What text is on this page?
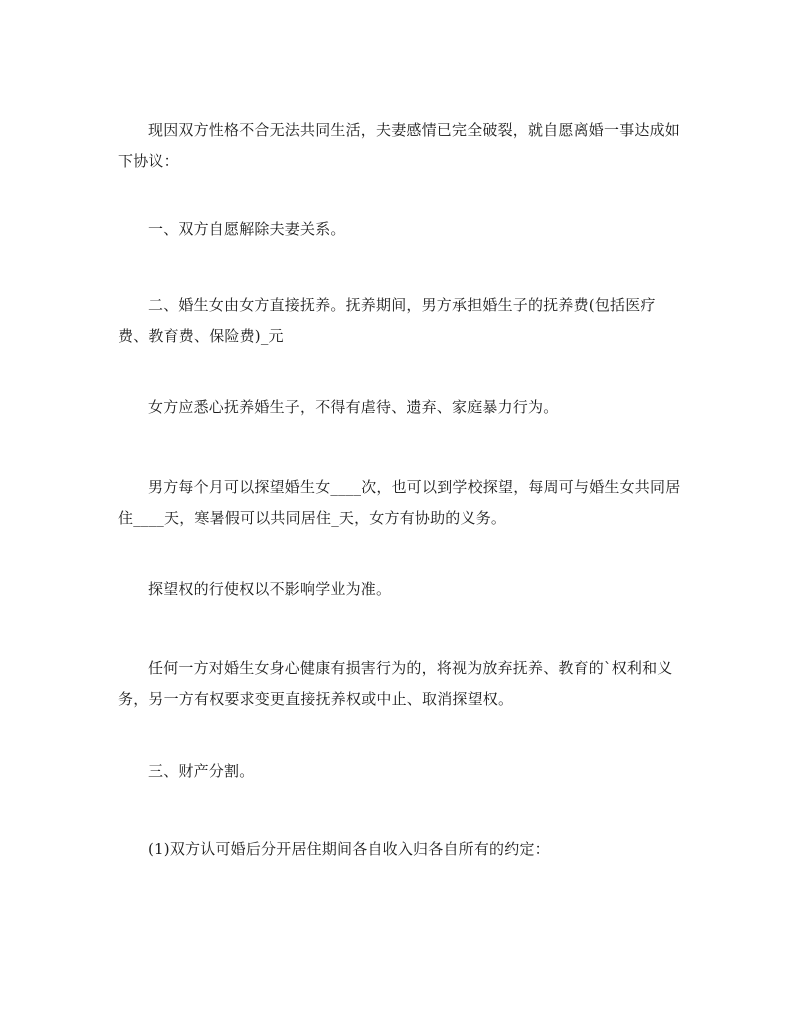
现因双方性格不合无法共同生活，夫妻感情已完全破裂，就自愿离婚一事达成如下协议：

一、双方自愿解除夫妻关系。

二、婚生女由女方直接抚养。抚养期间，男方承担婚生子的抚养费(包括医疗费、教育费、保险费)_元

女方应悉心抚养婚生子，不得有虐待、遗弃、家庭暴力行为。

男方每个月可以探望婚生女____次，也可以到学校探望，每周可与婚生女共同居住____天，寒暑假可以共同居住_天，女方有协助的义务。

探望权的行使权以不影响学业为准。

任何一方对婚生女身心健康有损害行为的，将视为放弃抚养、教育的`权利和义务，另一方有权要求变更直接抚养权或中止、取消探望权。

三、财产分割。

(1)双方认可婚后分开居住期间各自收入归各自所有的约定：
